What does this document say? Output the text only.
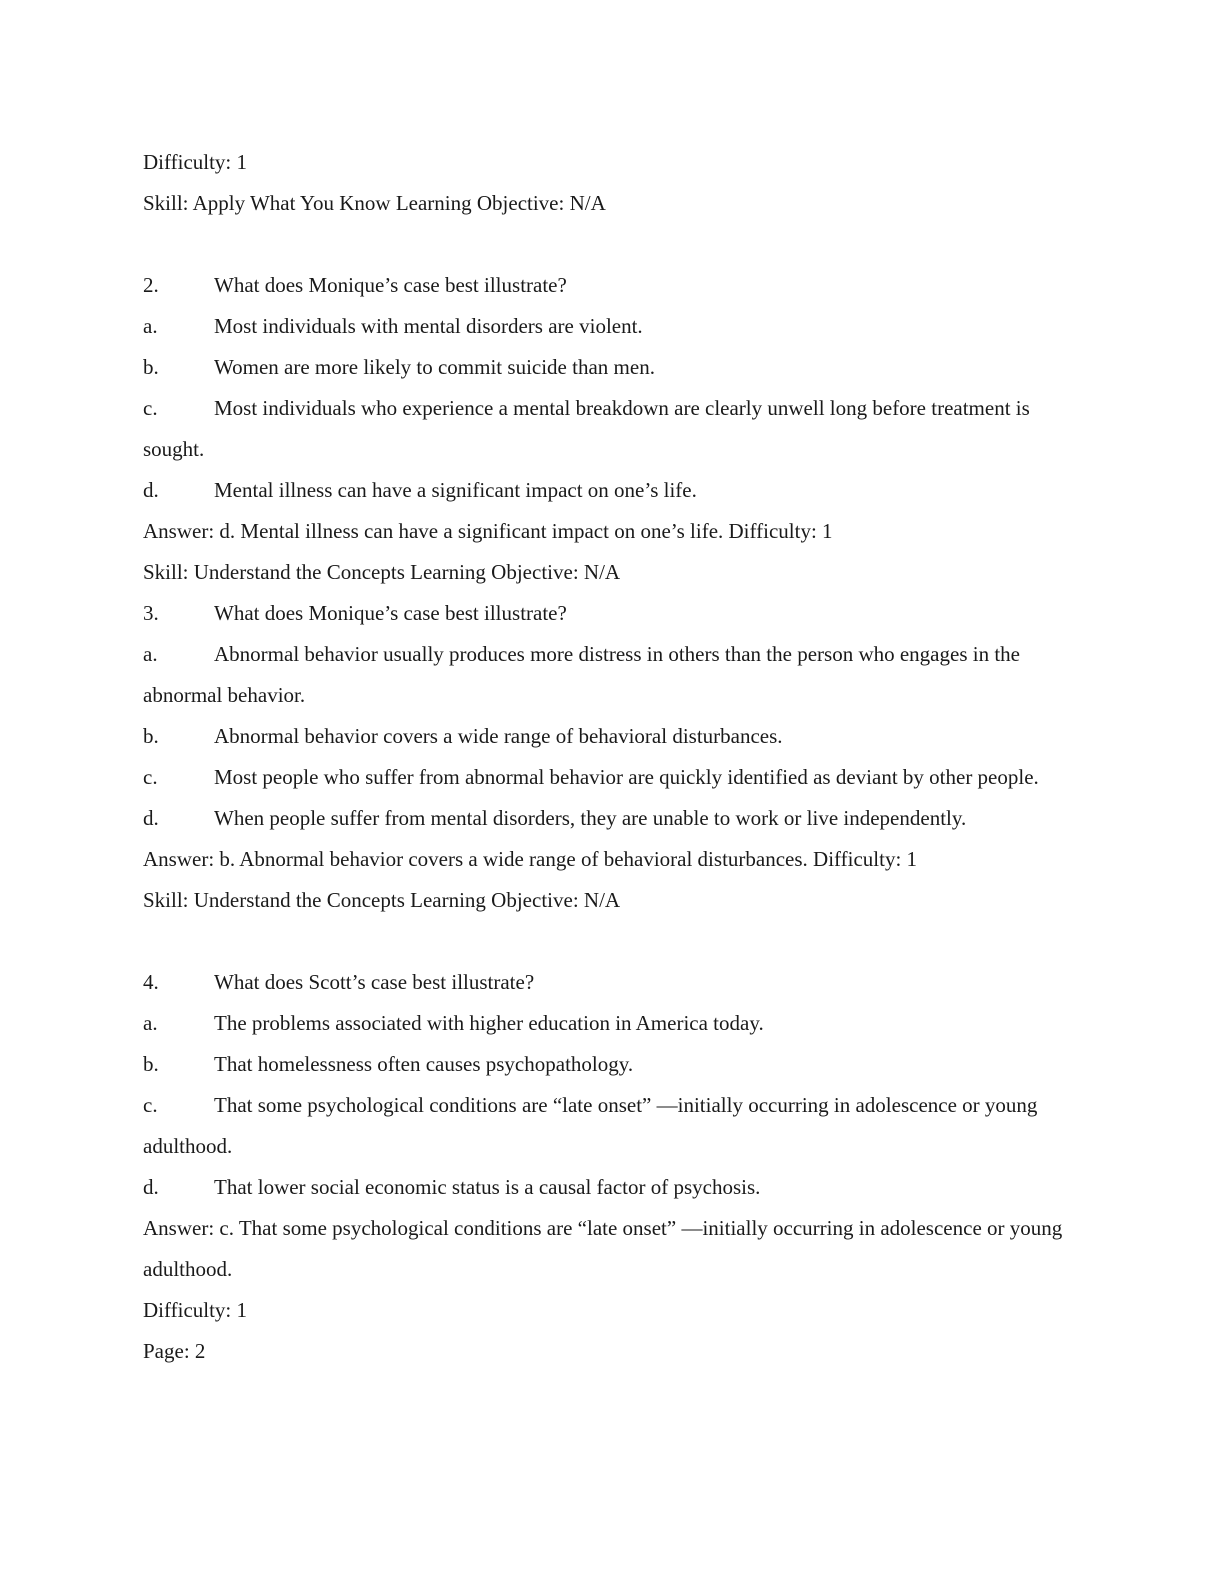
Difficulty: 1

Skill: Apply What You Know Learning Objective: N/A

2.	What does Monique’s case best illustrate?

a.	Most individuals with mental disorders are violent.

b.	Women are more likely to commit suicide than men.

c.	Most individuals who experience a mental breakdown are clearly unwell long before treatment is sought.

d.	Mental illness can have a significant impact on one’s life.

Answer: d. Mental illness can have a significant impact on one’s life. Difficulty: 1

Skill: Understand the Concepts Learning Objective: N/A

3.	What does Monique’s case best illustrate?

a.	Abnormal behavior usually produces more distress in others than the person who engages in the abnormal behavior.

b.	Abnormal behavior covers a wide range of behavioral disturbances.

c.	Most people who suffer from abnormal behavior are quickly identified as deviant by other people.

d.	When people suffer from mental disorders, they are unable to work or live independently.

Answer: b. Abnormal behavior covers a wide range of behavioral disturbances. Difficulty: 1

Skill: Understand the Concepts Learning Objective: N/A

4.	What does Scott’s case best illustrate?

a.	The problems associated with higher education in America today.

b.	That homelessness often causes psychopathology.

c.	That some psychological conditions are “late onset” —initially occurring in adolescence or young adulthood.

d.	That lower social economic status is a causal factor of psychosis.

Answer: c. That some psychological conditions are “late onset” —initially occurring in adolescence or young adulthood.

Difficulty: 1

Page: 2
